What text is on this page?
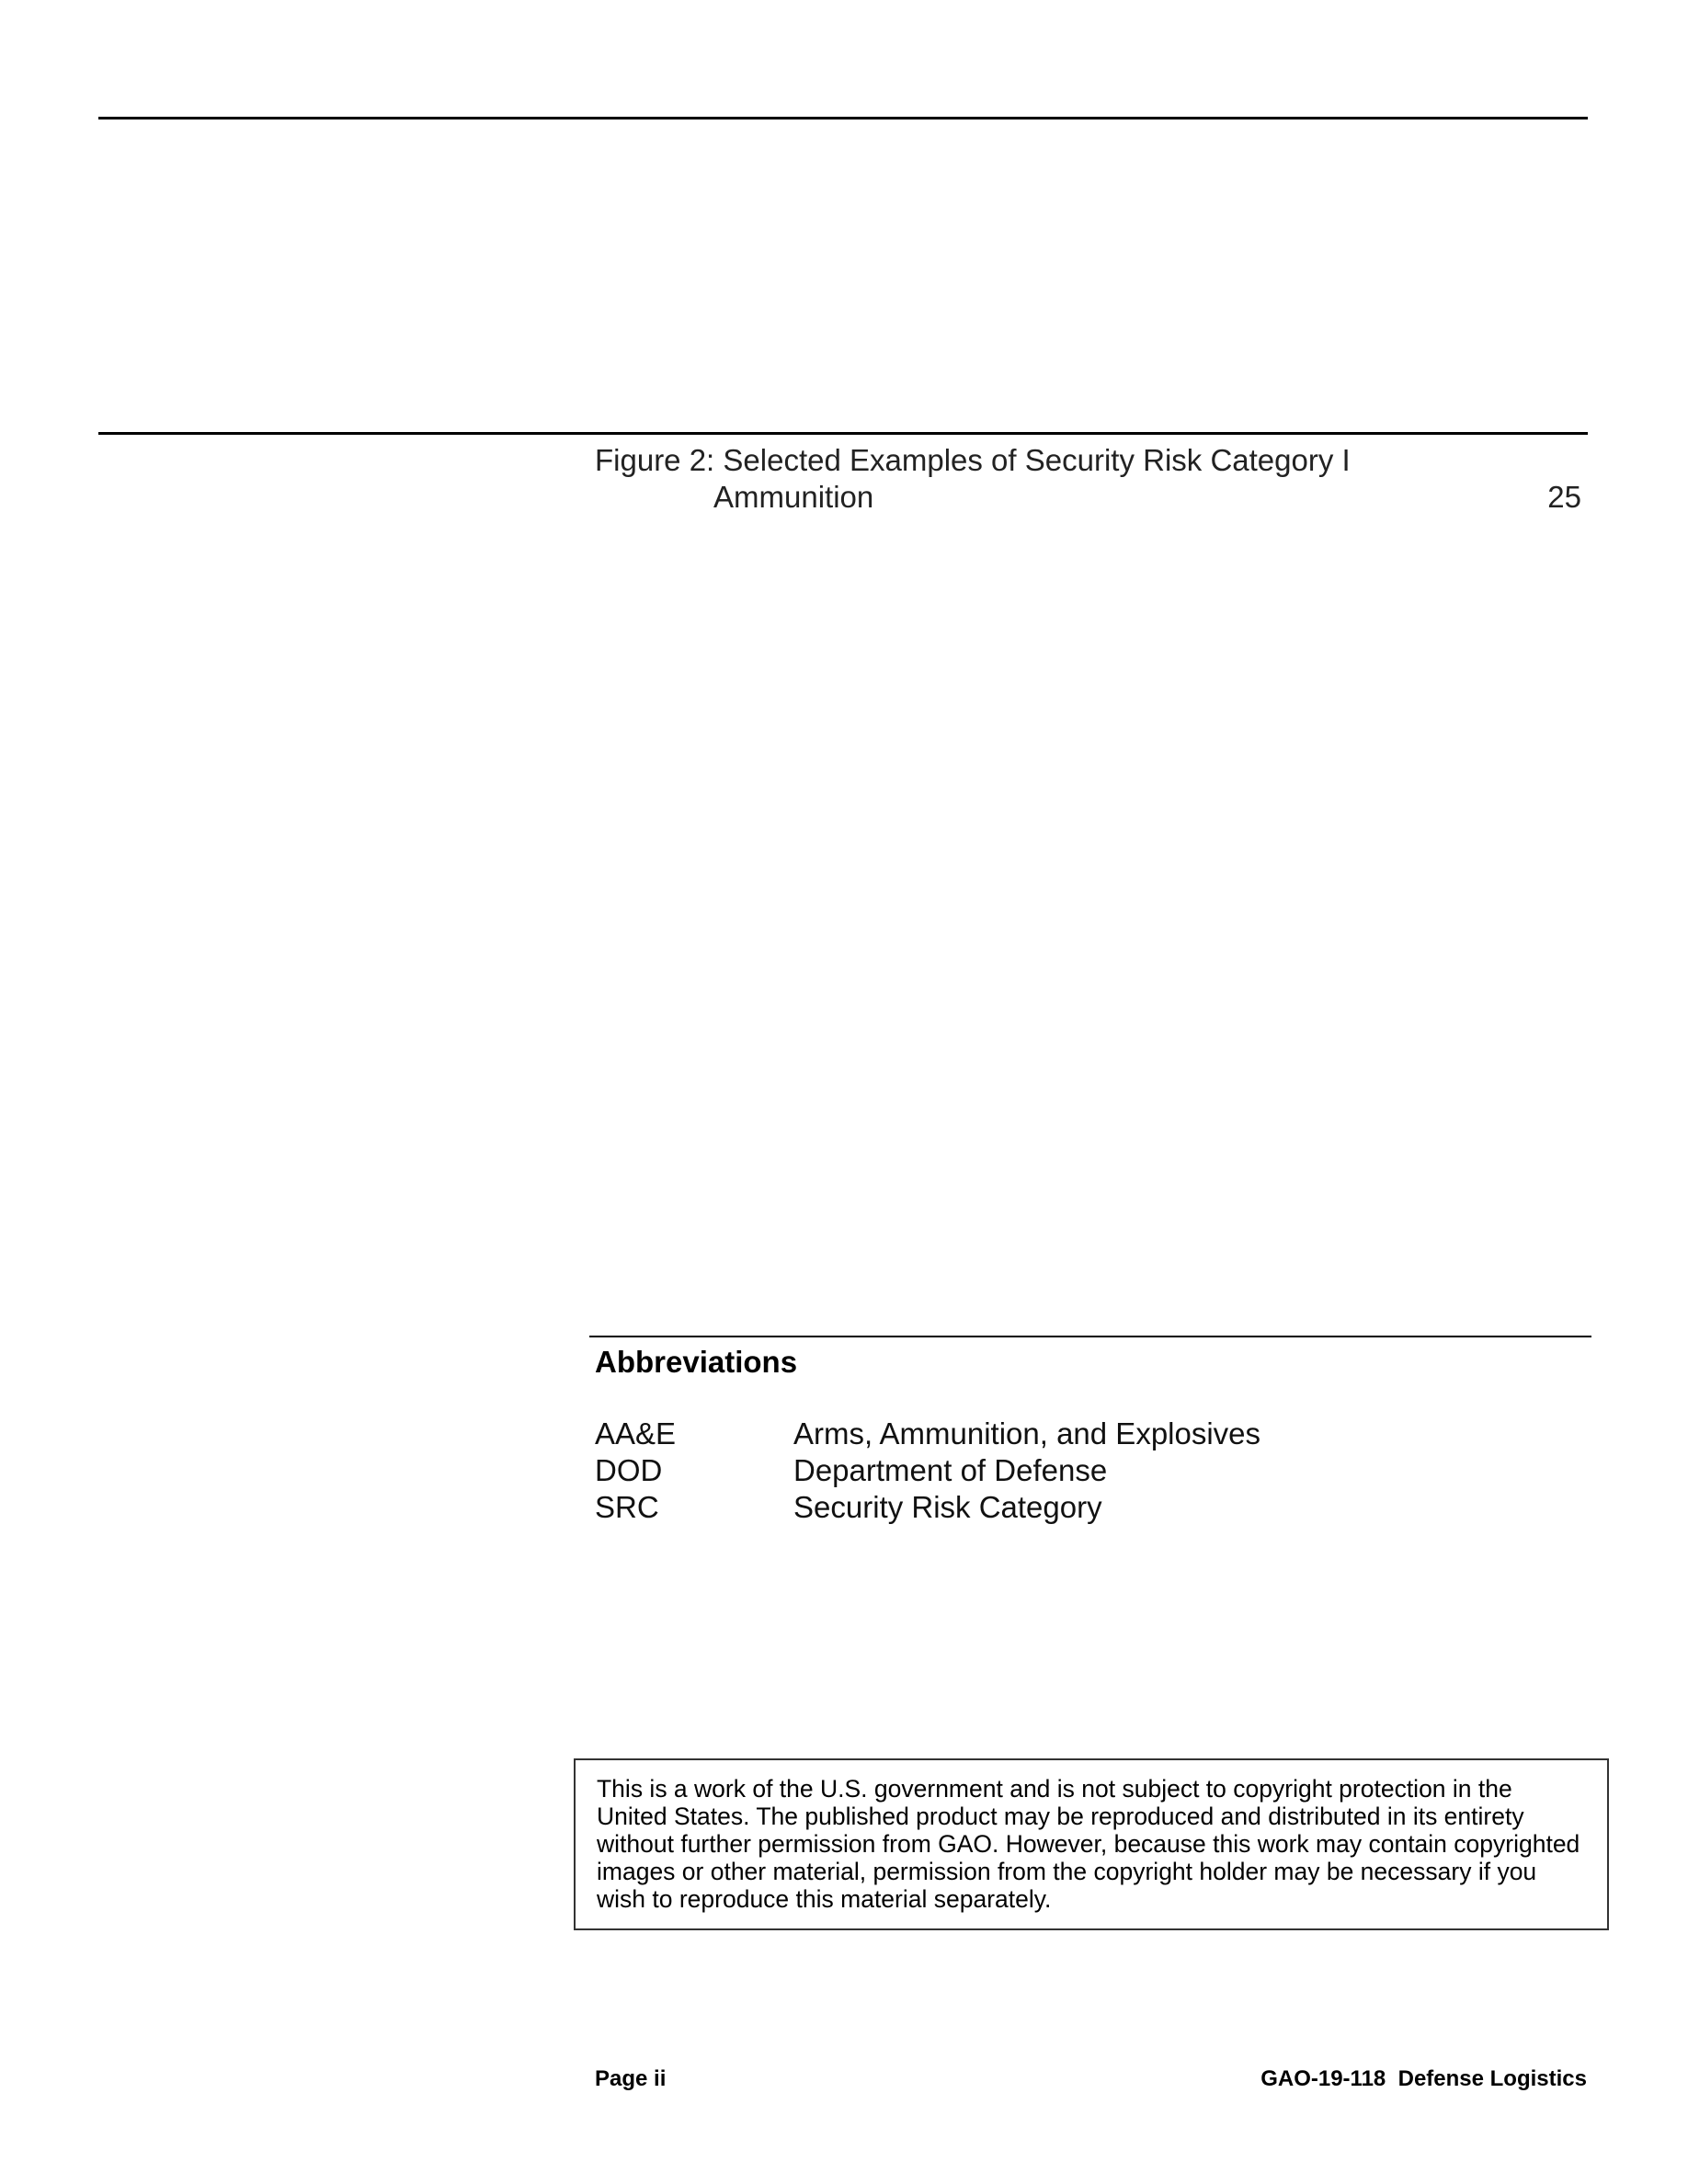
Figure 2: Selected Examples of Security Risk Category I
Ammunition	25
Abbreviations
AA&E	Arms, Ammunition, and Explosives
DOD	Department of Defense
SRC	Security Risk Category
This is a work of the U.S. government and is not subject to copyright protection in the United States. The published product may be reproduced and distributed in its entirety without further permission from GAO. However, because this work may contain copyrighted images or other material, permission from the copyright holder may be necessary if you wish to reproduce this material separately.
Page ii	GAO-19-118  Defense Logistics
